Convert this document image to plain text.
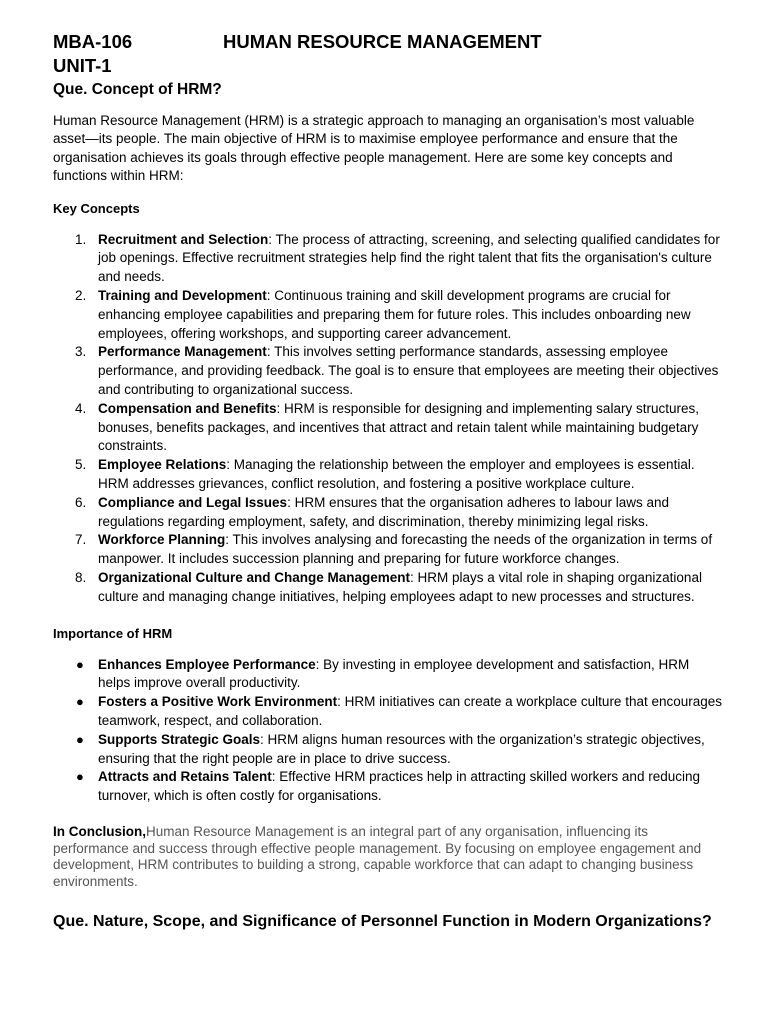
MBA-106	HUMAN RESOURCE MANAGEMENT
UNIT-1
Que. Concept of HRM?
Human Resource Management (HRM) is a strategic approach to managing an organisation’s most valuable asset—its people. The main objective of HRM is to maximise employee performance and ensure that the organisation achieves its goals through effective people management. Here are some key concepts and functions within HRM:
Key Concepts
1. Recruitment and Selection: The process of attracting, screening, and selecting qualified candidates for job openings. Effective recruitment strategies help find the right talent that fits the organisation's culture and needs.
2. Training and Development: Continuous training and skill development programs are crucial for enhancing employee capabilities and preparing them for future roles. This includes onboarding new employees, offering workshops, and supporting career advancement.
3. Performance Management: This involves setting performance standards, assessing employee performance, and providing feedback. The goal is to ensure that employees are meeting their objectives and contributing to organizational success.
4. Compensation and Benefits: HRM is responsible for designing and implementing salary structures, bonuses, benefits packages, and incentives that attract and retain talent while maintaining budgetary constraints.
5. Employee Relations: Managing the relationship between the employer and employees is essential. HRM addresses grievances, conflict resolution, and fostering a positive workplace culture.
6. Compliance and Legal Issues: HRM ensures that the organisation adheres to labour laws and regulations regarding employment, safety, and discrimination, thereby minimizing legal risks.
7. Workforce Planning: This involves analysing and forecasting the needs of the organization in terms of manpower. It includes succession planning and preparing for future workforce changes.
8. Organizational Culture and Change Management: HRM plays a vital role in shaping organizational culture and managing change initiatives, helping employees adapt to new processes and structures.
Importance of HRM
● Enhances Employee Performance: By investing in employee development and satisfaction, HRM helps improve overall productivity.
● Fosters a Positive Work Environment: HRM initiatives can create a workplace culture that encourages teamwork, respect, and collaboration.
● Supports Strategic Goals: HRM aligns human resources with the organization’s strategic objectives, ensuring that the right people are in place to drive success.
● Attracts and Retains Talent: Effective HRM practices help in attracting skilled workers and reducing turnover, which is often costly for organisations.
In Conclusion,Human Resource Management is an integral part of any organisation, influencing its performance and success through effective people management. By focusing on employee engagement and development, HRM contributes to building a strong, capable workforce that can adapt to changing business environments.
Que. Nature, Scope, and Significance of Personnel Function in Modern Organizations?
